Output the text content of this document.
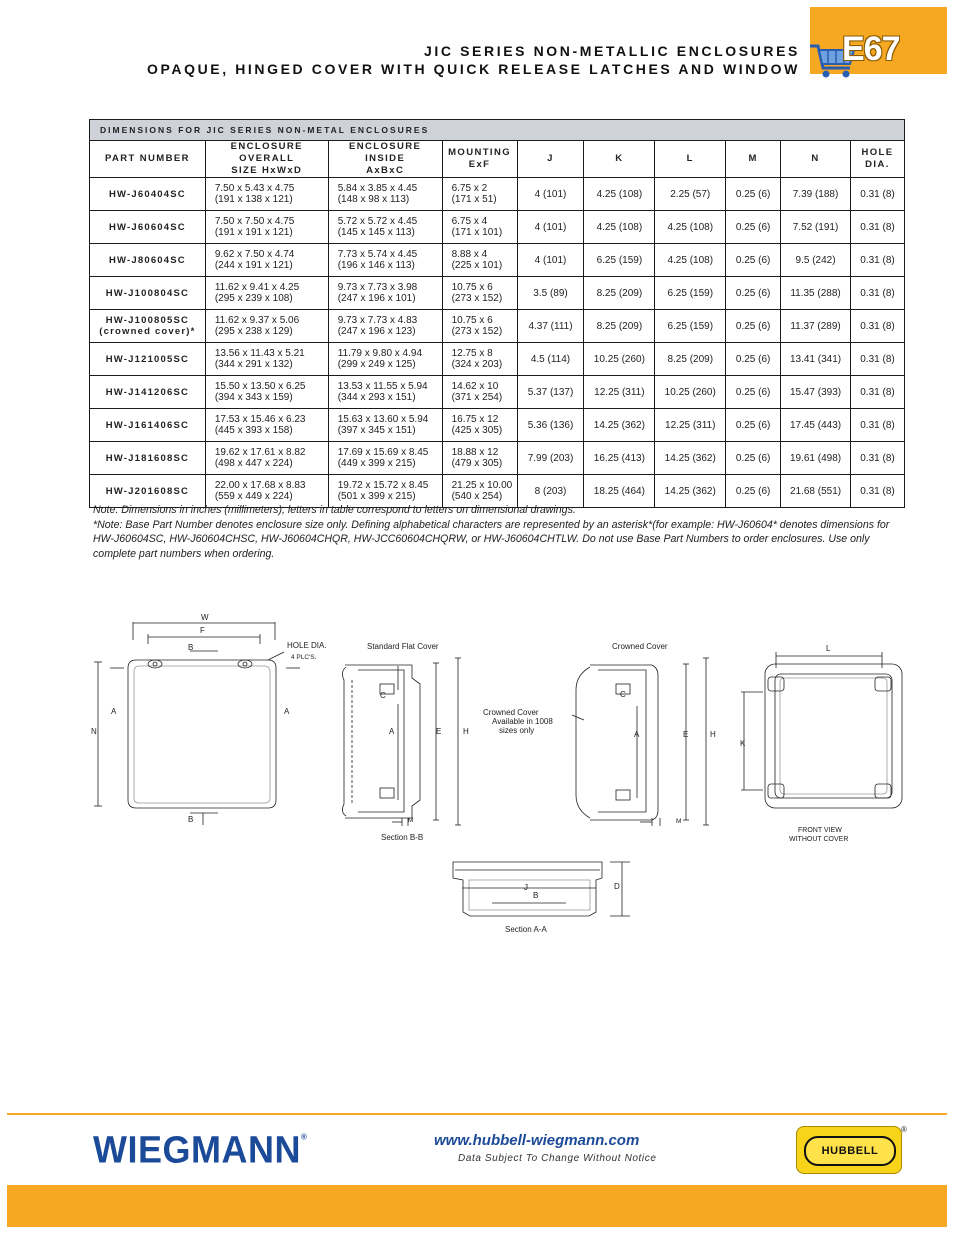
JIC SERIES NON-METALLIC ENCLOSURES
OPAQUE, HINGED COVER WITH QUICK RELEASE LATCHES AND WINDOW
E67
DIMENSIONS FOR JIC SERIES NON-METAL ENCLOSURES									
PART NUMBER	ENCLOSURE OVERALL
SIZE HxWxD	ENCLOSURE INSIDE
AxBxC	MOUNTING
ExF	J	K	L	M	N	HOLE
DIA.
HW-J60404SC	7.50 x 5.43 x 4.75
(191 x 138 x 121)	5.84 x 3.85 x 4.45
(148 x 98 x 113)	6.75 x 2
(171 x 51)	4 (101)	4.25 (108)	2.25 (57)	0.25 (6)	7.39 (188)	0.31 (8)
HW-J60604SC	7.50 x 7.50 x 4.75
(191 x 191 x 121)	5.72 x 5.72 x 4.45
(145 x 145 x 113)	6.75 x 4
(171 x 101)	4 (101)	4.25 (108)	4.25 (108)	0.25 (6)	7.52 (191)	0.31 (8)
HW-J80604SC	9.62 x 7.50 x 4.74
(244 x 191 x 121)	7.73 x 5.74 x 4.45
(196 x 146 x 113)	8.88 x 4
(225 x 101)	4 (101)	6.25 (159)	4.25 (108)	0.25 (6)	9.5 (242)	0.31 (8)
HW-J100804SC	11.62 x 9.41 x 4.25
(295 x 239 x 108)	9.73 x 7.73 x 3.98
(247 x 196 x 101)	10.75 x 6
(273 x 152)	3.5 (89)	8.25 (209)	6.25 (159)	0.25 (6)	11.35 (288)	0.31 (8)
HW-J100805SC
(crowned cover)*	11.62 x 9.37 x 5.06
(295 x 238 x 129)	9.73 x 7.73 x 4.83
(247 x 196 x 123)	10.75 x 6
(273 x 152)	4.37 (111)	8.25 (209)	6.25 (159)	0.25 (6)	11.37 (289)	0.31 (8)
HW-J121005SC	13.56 x 11.43 x 5.21
(344 x 291 x 132)	11.79 x 9.80 x 4.94
(299 x 249 x 125)	12.75 x 8
(324 x 203)	4.5 (114)	10.25 (260)	8.25 (209)	0.25 (6)	13.41 (341)	0.31 (8)
HW-J141206SC	15.50 x 13.50 x 6.25
(394 x 343 x 159)	13.53 x 11.55 x 5.94
(344 x 293 x 151)	14.62 x 10
(371 x 254)	5.37 (137)	12.25 (311)	10.25 (260)	0.25 (6)	15.47 (393)	0.31 (8)
HW-J161406SC	17.53 x 15.46 x 6.23
(445 x 393 x 158)	15.63 x 13.60 x 5.94
(397 x 345 x 151)	16.75 x 12
(425 x 305)	5.36 (136)	14.25 (362)	12.25 (311)	0.25 (6)	17.45 (443)	0.31 (8)
HW-J181608SC	19.62 x 17.61 x 8.82
(498 x 447 x 224)	17.69 x 15.69 x 8.45
(449 x 399 x 215)	18.88 x 12
(479 x 305)	7.99 (203)	16.25 (413)	14.25 (362)	0.25 (6)	19.61 (498)	0.31 (8)
HW-J201608SC	22.00 x 17.68 x 8.83
(559 x 449 x 224)	19.72 x 15.72 x 8.45
(501 x 399 x 215)	21.25 x 10.00
(540 x 254)	8 (203)	18.25 (464)	14.25 (362)	0.25 (6)	21.68 (551)	0.31 (8)

Note: Dimensions in inches (millimeters); letters in table correspond to letters on dimensional drawings.

*Note: Base Part Number denotes enclosure size only. Defining alphabetical characters are represented by an asterisk*(for example: HW-J60604* denotes dimensions for HW-J60604SC, HW-J60604CHSC, HW-J60604CHQR, HW-JCC60604CHQRW, or HW-J60604CHTLW. Do not use Base Part Numbers to order enclosures. Use only complete part numbers when ordering.

W
F
B
B
A	A
N
HOLE DIA.
4 PLC'S.
Standard Flat Cover
C
A	E	H
M
Section B-B
Crowned Cover
Crowned Cover
Available in 1008
sizes only
C
A	E	H
M
L
K
FRONT VIEW
WITHOUT COVER
J
B
D
Section A-A
WIEGMANN®	www.hubbell-wiegmann.com
Data Subject To Change Without Notice
HUBBELL
®
